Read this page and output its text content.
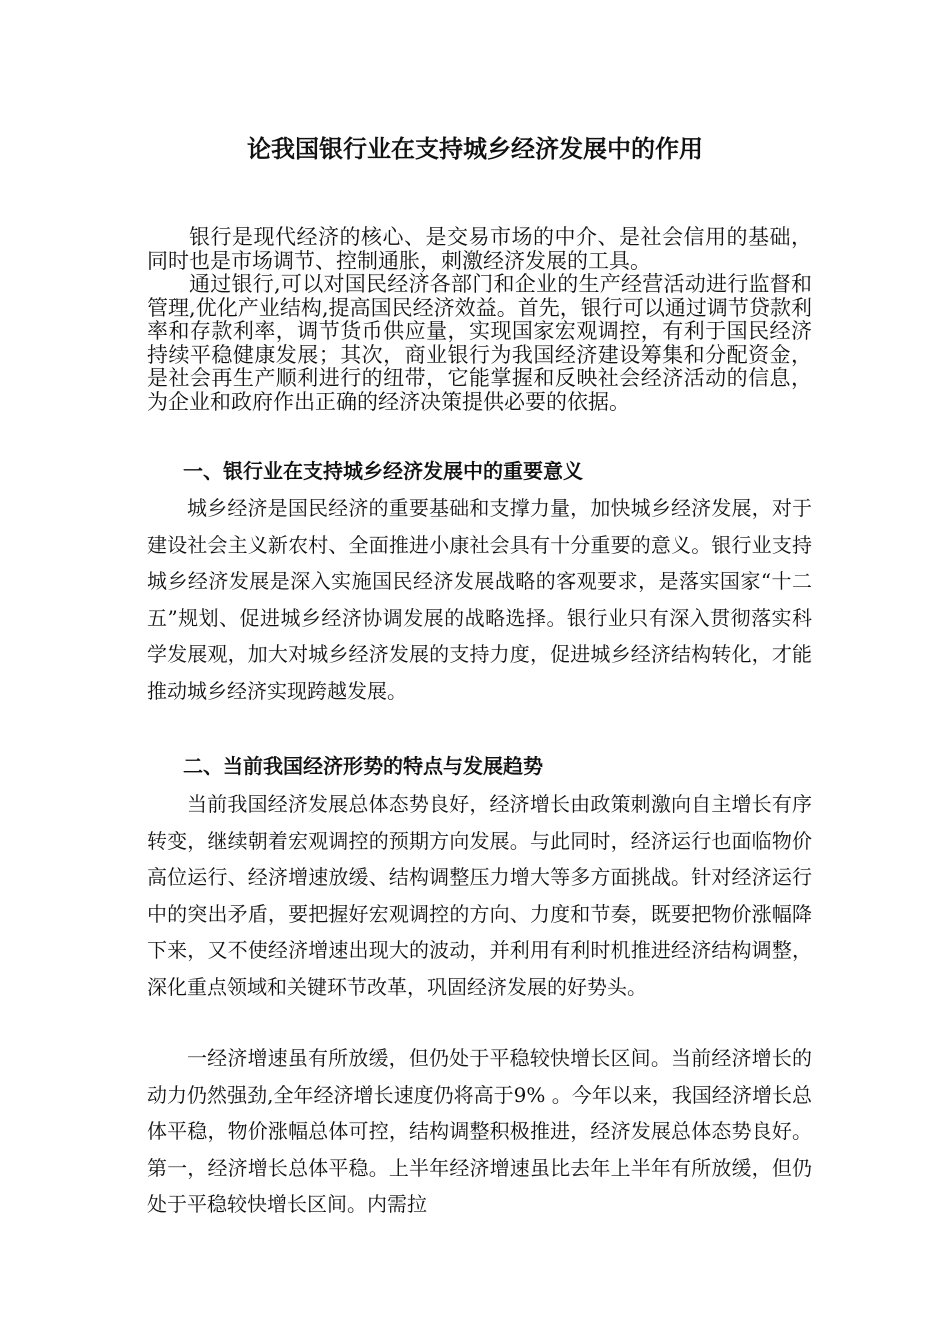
论我国银行业在支持城乡经济发展中的作用

银行是现代经济的核心、是交易市场的中介、是社会信用的基础，同时也是市场调节、控制通胀，刺激经济发展的工具。

通过银行,可以对国民经济各部门和企业的生产经营活动进行监督和管理,优化产业结构,提高国民经济效益。首先，银行可以通过调节贷款利率和存款利率，调节货币供应量，实现国家宏观调控，有利于国民经济持续平稳健康发展；其次，商业银行为我国经济建设筹集和分配资金，是社会再生产顺利进行的纽带，它能掌握和反映社会经济活动的信息，为企业和政府作出正确的经济决策提供必要的依据。

一、银行业在支持城乡经济发展中的重要意义

城乡经济是国民经济的重要基础和支撑力量，加快城乡经济发展，对于建设社会主义新农村、全面推进小康社会具有十分重要的意义。银行业支持城乡经济发展是深入实施国民经济发展战略的客观要求，是落实国家“十二五”规划、促进城乡经济协调发展的战略选择。银行业只有深入贯彻落实科学发展观，加大对城乡经济发展的支持力度，促进城乡经济结构转化，才能推动城乡经济实现跨越发展。

二、当前我国经济形势的特点与发展趋势

当前我国经济发展总体态势良好，经济增长由政策刺激向自主增长有序转变，继续朝着宏观调控的预期方向发展。与此同时，经济运行也面临物价高位运行、经济增速放缓、结构调整压力增大等多方面挑战。针对经济运行中的突出矛盾，要把握好宏观调控的方向、力度和节奏，既要把物价涨幅降下来，又不使经济增速出现大的波动，并利用有利时机推进经济结构调整，深化重点领域和关键环节改革，巩固经济发展的好势头。

一经济增速虽有所放缓，但仍处于平稳较快增长区间。当前经济增长的动力仍然强劲,全年经济增长速度仍将高于9% 。今年以来，我国经济增长总体平稳，物价涨幅总体可控，结构调整积极推进，经济发展总体态势良好。第一，经济增长总体平稳。上半年经济增速虽比去年上半年有所放缓，但仍处于平稳较快增长区间。内需拉
